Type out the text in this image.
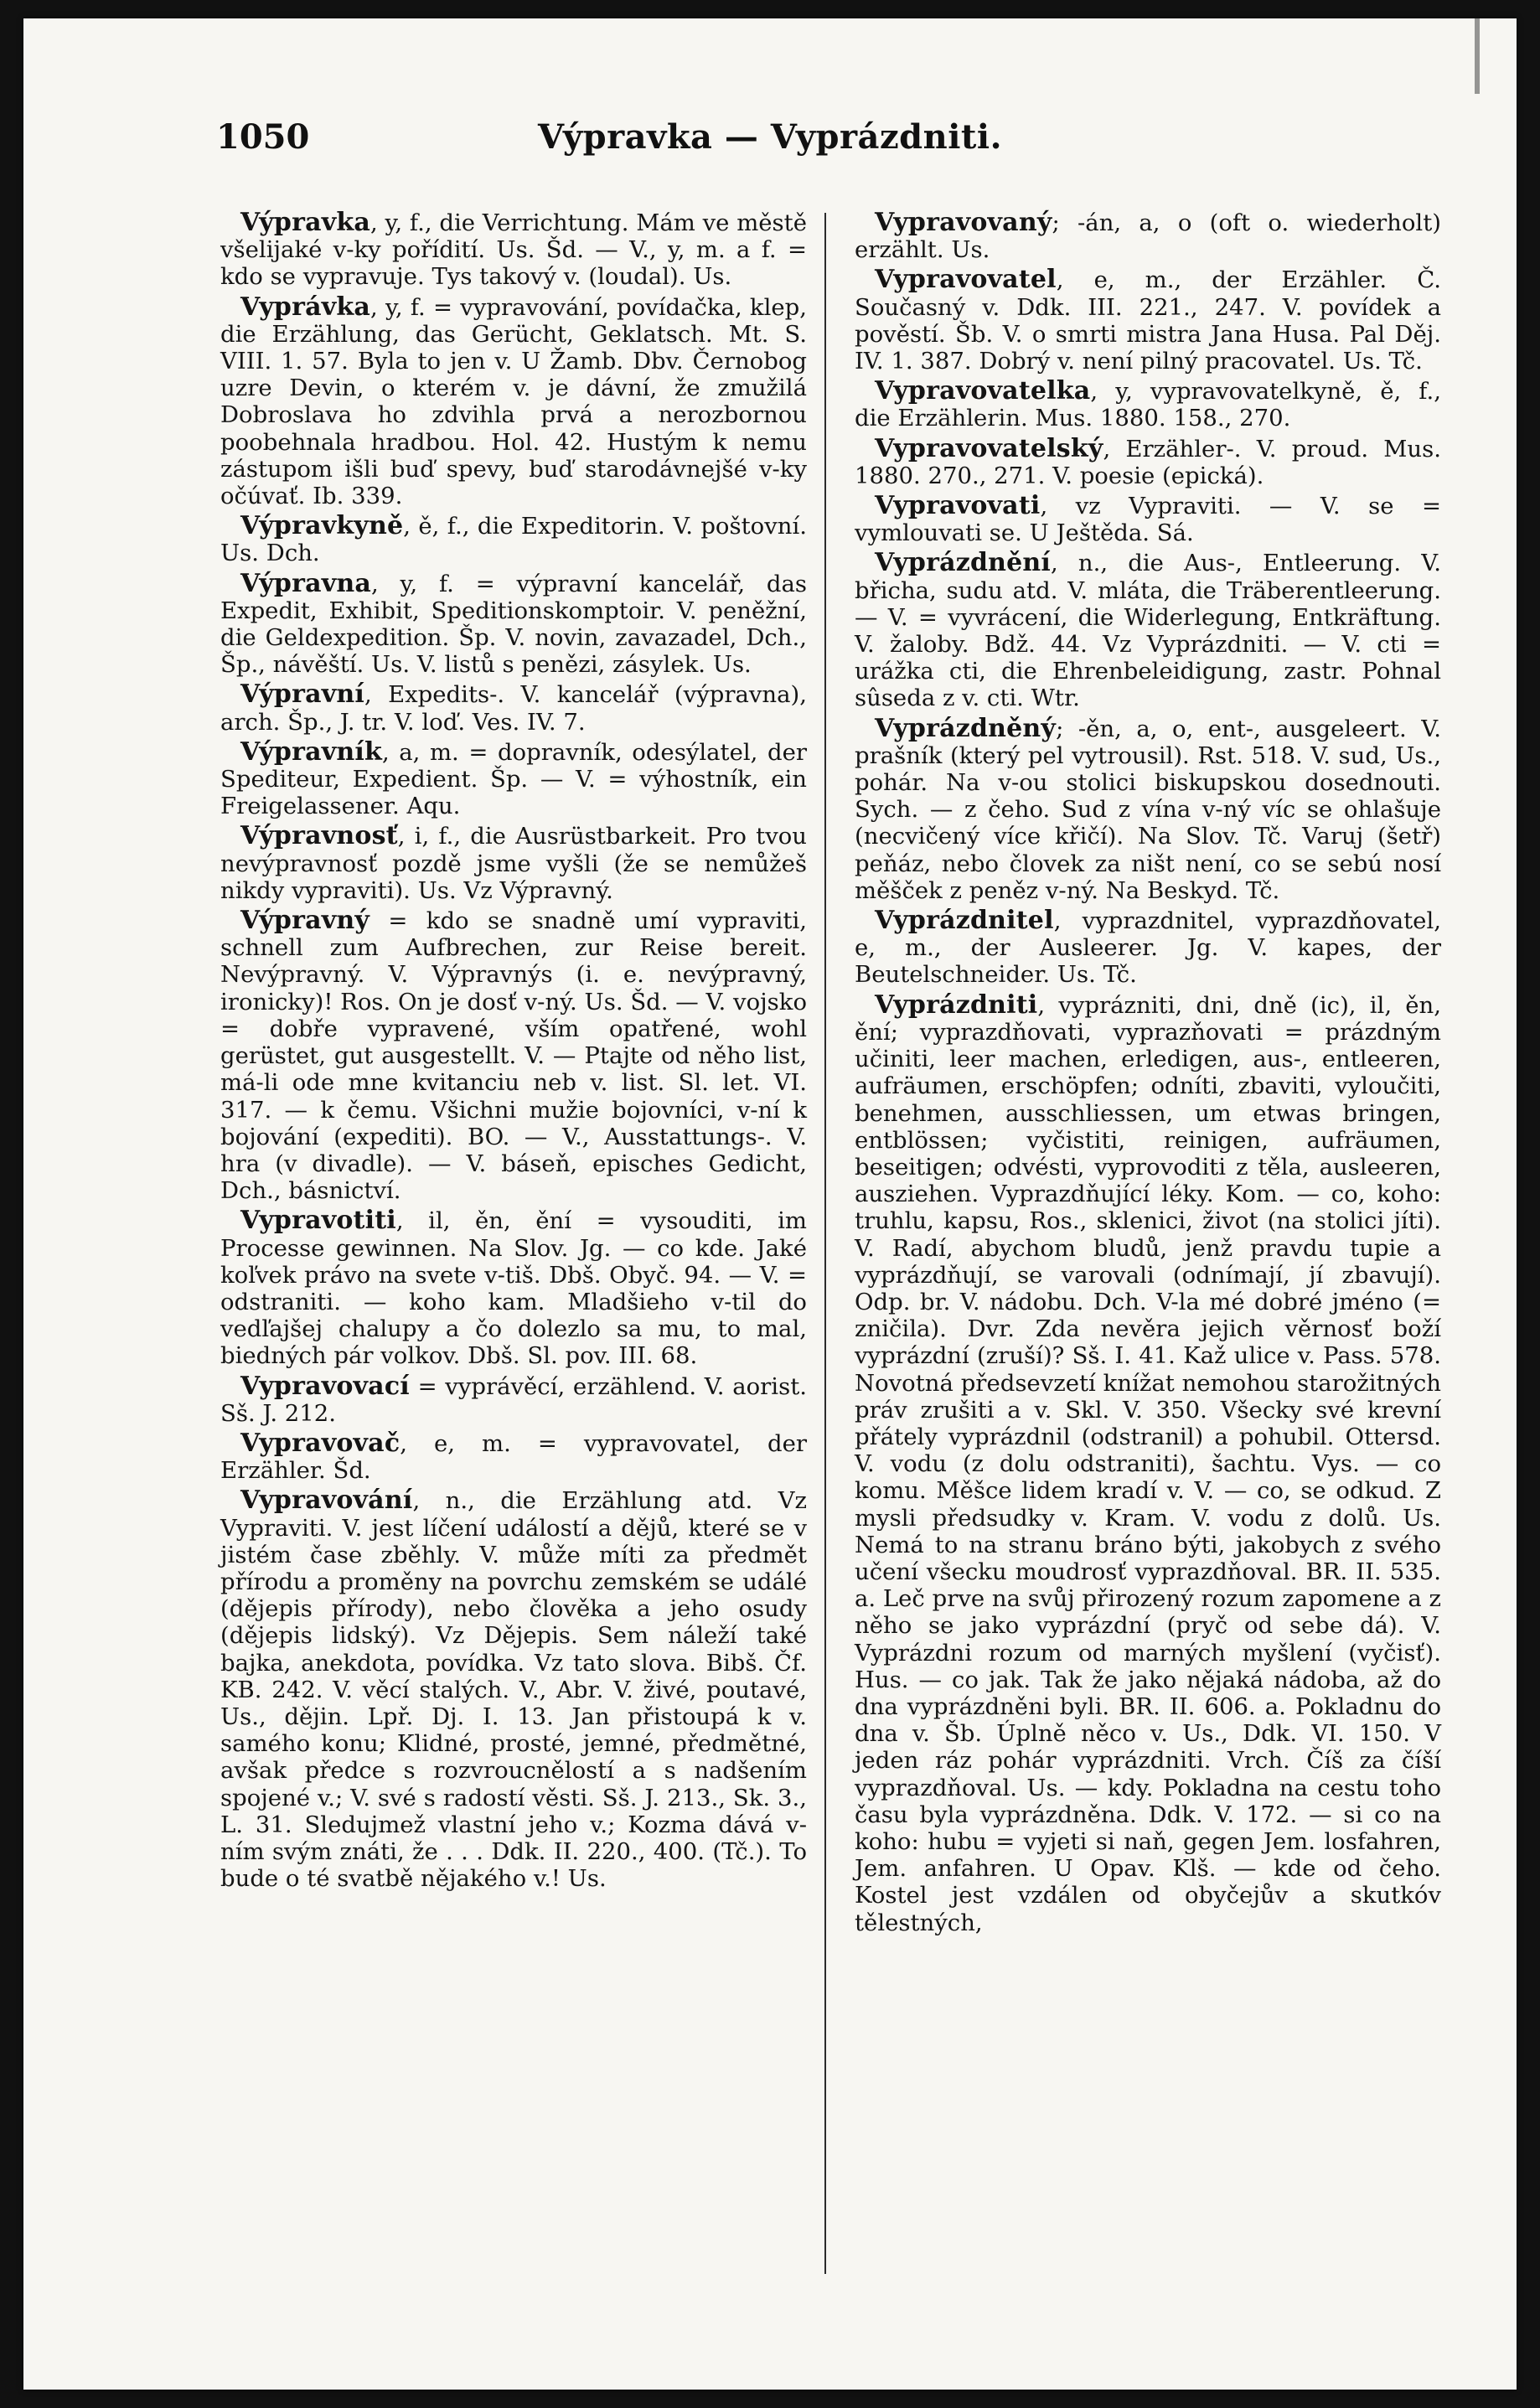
1050	Výpravka — Vyprázdniti.

Výpravka, y, f., die Verrichtung. Mám ve městě všelijaké v-ky pořídití. Us. Šd. — V., y, m. a f. = kdo se vypravuje. Tys takový v. (loudal). Us.

Vyprávka, y, f. = vypravování, povídačka, klep, die Erzählung, das Gerücht, Geklatsch. Mt. S. VIII. 1. 57. Byla to jen v. U Žamb. Dbv. Černobog uzre Devin, o kterém v. je dávní, že zmužilá Dobroslava ho zdvihla prvá a nerozbornou poobehnala hradbou. Hol. 42. Hustým k nemu zástupom išli buď spevy, buď starodávnejšé v-ky očúvať. Ib. 339.

Výpravkyně, ě, f., die Expeditorin. V. poštovní. Us. Dch.

Výpravna, y, f. = výpravní kancelář, das Expedit, Exhibit, Speditionskomptoir. V. peněžní, die Geldexpedition. Šp. V. novin, zavazadel, Dch., Šp., návěští. Us. V. listů s penězi, zásylek. Us.

Výpravní, Expedits-. V. kancelář (výpravna), arch. Šp., J. tr. V. loď. Ves. IV. 7.

Výpravník, a, m. = dopravník, odesýlatel, der Spediteur, Expedient. Šp. — V. = výhostník, ein Freigelassener. Aqu.

Výpravnosť, i, f., die Ausrüstbarkeit. Pro tvou nevýpravnosť pozdě jsme vyšli (že se nemůžeš nikdy vypraviti). Us. Vz Výpravný.

Výpravný = kdo se snadně umí vypraviti, schnell zum Aufbrechen, zur Reise bereit. Nevýpravný. V. Výpravnýs (i. e. nevýpravný, ironicky)! Ros. On je dosť v-ný. Us. Šd. — V. vojsko = dobře vypravené, vším opatřené, wohl gerüstet, gut ausgestellt. V. — Ptajte od něho list, má-li ode mne kvitanciu neb v. list. Sl. let. VI. 317. — k čemu. Všichni mužie bojovníci, v-ní k bojování (expediti). BO. — V., Ausstattungs-. V. hra (v divadle). — V. báseň, episches Gedicht, Dch., básnictví.

Vypravotiti, il, ěn, ění = vysouditi, im Processe gewinnen. Na Slov. Jg. — co kde. Jaké koľvek právo na svete v-tiš. Dbš. Obyč. 94. — V. = odstraniti. — koho kam. Mladšieho v-til do vedľajšej chalupy a čo dolezlo sa mu, to mal, biedných pár volkov. Dbš. Sl. pov. III. 68.

Vypravovací = vyprávěcí, erzählend. V. aorist. Sš. J. 212.

Vypravovač, e, m. = vypravovatel, der Erzähler. Šd.

Vypravování, n., die Erzählung atd. Vz Vypraviti. V. jest líčení událostí a dějů, které se v jistém čase zběhly. V. může míti za předmět přírodu a proměny na povrchu zemském se událé (dějepis přírody), nebo člověka a jeho osudy (dějepis lidský). Vz Dějepis. Sem náleží také bajka, anekdota, povídka. Vz tato slova. Bibš. Čf. KB. 242. V. věcí stalých. V., Abr. V. živé, poutavé, Us., dějin. Lpř. Dj. I. 13. Jan přistoupá k v. samého konu; Klidné, prosté, jemné, předmětné, avšak předce s rozvroucnělostí a s nadšením spojené v.; V. své s radostí věsti. Sš. J. 213., Sk. 3., L. 31. Sledujmež vlastní jeho v.; Kozma dává v-ním svým znáti, že . . . Ddk. II. 220., 400. (Tč.). To bude o té svatbě nějakého v.! Us.

Vypravovaný; -án, a, o (oft o. wiederholt) erzählt. Us.

Vypravovatel, e, m., der Erzähler. Č. Současný v. Ddk. III. 221., 247. V. povídek a pověstí. Šb. V. o smrti mistra Jana Husa. Pal Děj. IV. 1. 387. Dobrý v. není pilný pracovatel. Us. Tč.

Vypravovatelka, y, vypravovatelkyně, ě, f., die Erzählerin. Mus. 1880. 158., 270.

Vypravovatelský, Erzähler-. V. proud. Mus. 1880. 270., 271. V. poesie (epická).

Vypravovati, vz Vypraviti. — V. se = vymlouvati se. U Ještěda. Sá.

Vyprázdnění, n., die Aus-, Entleerung. V. břicha, sudu atd. V. mláta, die Träberentleerung. — V. = vyvrácení, die Widerlegung, Entkräftung. V. žaloby. Bdž. 44. Vz Vyprázdniti. — V. cti = urážka cti, die Ehrenbeleidigung, zastr. Pohnal sûseda z v. cti. Wtr.

Vyprázdněný; -ěn, a, o, ent-, ausgeleert. V. prašník (který pel vytrousil). Rst. 518. V. sud, Us., pohár. Na v-ou stolici biskupskou dosednouti. Sych. — z čeho. Sud z vína v-ný víc se ohlašuje (necvičený více křičí). Na Slov. Tč. Varuj (šetř) peňáz, nebo človek za ništ není, co se sebú nosí měšček z peněz v-ný. Na Beskyd. Tč.

Vyprázdnitel, vyprazdnitel, vyprazdňovatel, e, m., der Ausleerer. Jg. V. kapes, der Beutelschneider. Us. Tč.

Vyprázdniti, vyprázniti, dni, dně (ic), il, ěn, ění; vyprazdňovati, vyprazňovati = prázdným učiniti, leer machen, erledigen, aus-, entleeren, aufräumen, erschöpfen; odníti, zbaviti, vyloučiti, benehmen, ausschliessen, um etwas bringen, entblössen; vyčistiti, reinigen, aufräumen, beseitigen; odvésti, vyprovoditi z těla, ausleeren, ausziehen. Vyprazdňující léky. Kom. — co, koho: truhlu, kapsu, Ros., sklenici, život (na stolici jíti). V. Radí, abychom bludů, jenž pravdu tupie a vyprázdňují, se varovali (odnímají, jí zbavují). Odp. br. V. nádobu. Dch. V-la mé dobré jméno (= zničila). Dvr. Zda nevěra jejich věrnosť boží vyprázdní (zruší)? Sš. I. 41. Kaž ulice v. Pass. 578. Novotná předsevzetí knížat nemohou starožitných práv zrušiti a v. Skl. V. 350. Všecky své krevní přátely vyprázdnil (odstranil) a pohubil. Ottersd. V. vodu (z dolu odstraniti), šachtu. Vys. — co komu. Měšce lidem kradí v. V. — co, se odkud. Z mysli předsudky v. Kram. V. vodu z dolů. Us. Nemá to na stranu bráno býti, jakobych z svého učení všecku moudrosť vyprazdňoval. BR. II. 535. a. Leč prve na svůj přirozený rozum zapomene a z něho se jako vyprázdní (pryč od sebe dá). V. Vyprázdni rozum od marných myšlení (vyčisť). Hus. — co jak. Tak že jako nějaká nádoba, až do dna vyprázdněni byli. BR. II. 606. a. Pokladnu do dna v. Šb. Úplně něco v. Us., Ddk. VI. 150. V jeden ráz pohár vyprázdniti. Vrch. Číš za číší vyprazdňoval. Us. — kdy. Pokladna na cestu toho času byla vyprázdněna. Ddk. V. 172. — si co na koho: hubu = vyjeti si naň, gegen Jem. losfahren, Jem. anfahren. U Opav. Klš. — kde od čeho. Kostel jest vzdálen od obyčejův a skutkóv tělestných,
